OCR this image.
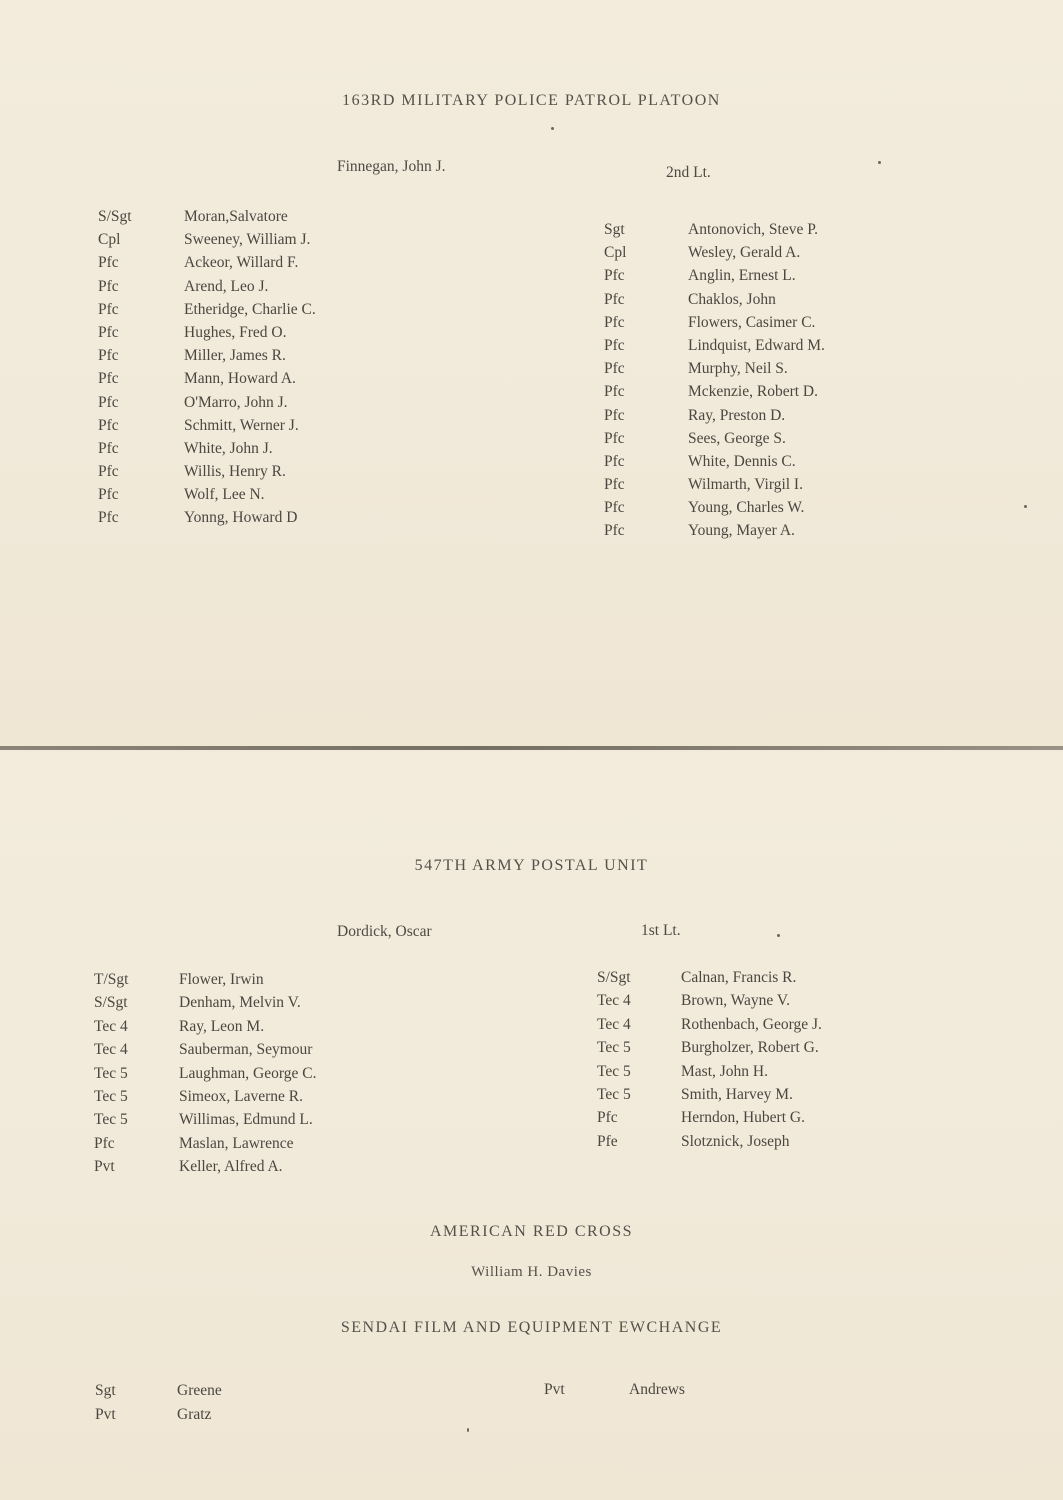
163RD MILITARY POLICE PATROL PLATOON
Finnegan, John J.	2nd Lt.
S/Sgt	Moran,Salvatore
Cpl	Sweeney, William J.
Pfc	Ackeor, Willard F.
Pfc	Arend, Leo J.
Pfc	Etheridge, Charlie C.
Pfc	Hughes, Fred O.
Pfc	Miller, James R.
Pfc	Mann, Howard A.
Pfc	O'Marro, John J.
Pfc	Schmitt, Werner J.
Pfc	White, John J.
Pfc	Willis, Henry R.
Pfc	Wolf, Lee N.
Pfc	Yonng, Howard D
Sgt	Antonovich, Steve P.
Cpl	Wesley, Gerald A.
Pfc	Anglin, Ernest L.
Pfc	Chaklos, John
Pfc	Flowers, Casimer C.
Pfc	Lindquist, Edward M.
Pfc	Murphy, Neil S.
Pfc	Mckenzie, Robert D.
Pfc	Ray, Preston D.
Pfc	Sees, George S.
Pfc	White, Dennis C.
Pfc	Wilmarth, Virgil I.
Pfc	Young, Charles W.
Pfc	Young, Mayer A.
547TH ARMY POSTAL UNIT
Dordick, Oscar	1st Lt.
T/Sgt	Flower, Irwin
S/Sgt	Denham, Melvin V.
Tec 4	Ray, Leon M.
Tec 4	Sauberman, Seymour
Tec 5	Laughman, George C.
Tec 5	Simeox, Laverne R.
Tec 5	Willimas, Edmund L.
Pfc	Maslan, Lawrence
Pvt	Keller, Alfred A.
S/Sgt	Calnan, Francis R.
Tec 4	Brown, Wayne V.
Tec 4	Rothenbach, George J.
Tec 5	Burgholzer, Robert G.
Tec 5	Mast, John H.
Tec 5	Smith, Harvey M.
Pfc	Herndon, Hubert G.
Pfe	Slotznick, Joseph
AMERICAN RED CROSS
William H. Davies
SENDAI FILM AND EQUIPMENT EWCHANGE
Sgt	Greene
Pvt	Gratz
Pvt	Andrews
